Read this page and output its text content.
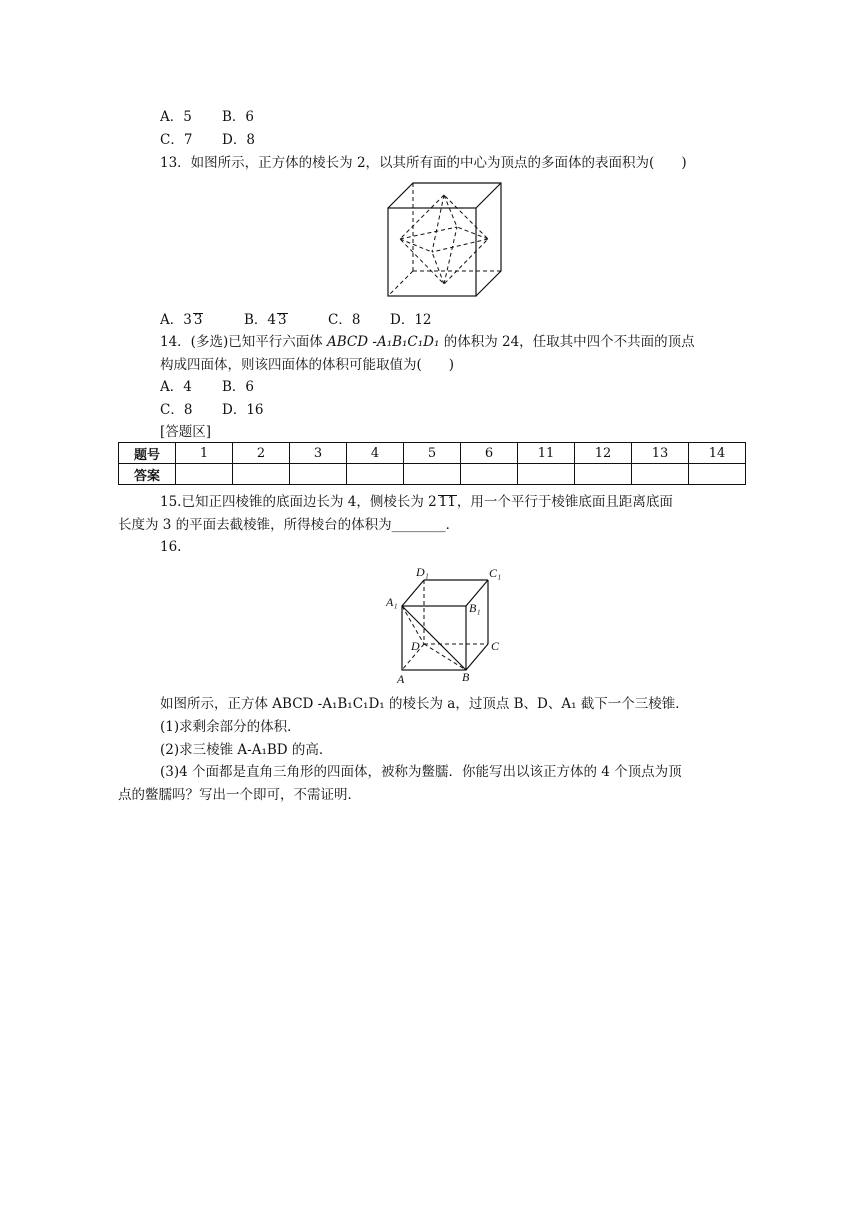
A．5 B．6
C．7 D．8
13．如图所示，正方体的棱长为 2，以其所有面的中心为顶点的多面体的表面积为(　　)
A．3 3	B．4 3	C．8 D．12
14．(多选)已知平行六面体 ABCD -A₁B₁C₁D₁ 的体积为 24，任取其中四个不共面的顶点
构成四面体，则该四面体的体积可能取值为(　　)
A．4 B．6
C．8 D．16
[答题区]
题号	1	2	3	4	5	6	11	12	13	14
答案										
15.已知正四棱锥的底面边长为 4，侧棱长为 2 11，用一个平行于棱锥底面且距离底面
长度为 3 的平面去截棱锥，所得棱台的体积为________．
16.
D₁	C₁
A₁	B₁
D	C
A	B
如图所示，正方体 ABCD -A₁B₁C₁D₁ 的棱长为 a，过顶点 B、D、A₁ 截下一个三棱锥．
(1)求剩余部分的体积．
(2)求三棱锥 A-A₁BD 的高．
(3)4 个面都是直角三角形的四面体，被称为鳖臑．你能写出以该正方体的 4 个顶点为顶
点的鳖臑吗？写出一个即可，不需证明．
